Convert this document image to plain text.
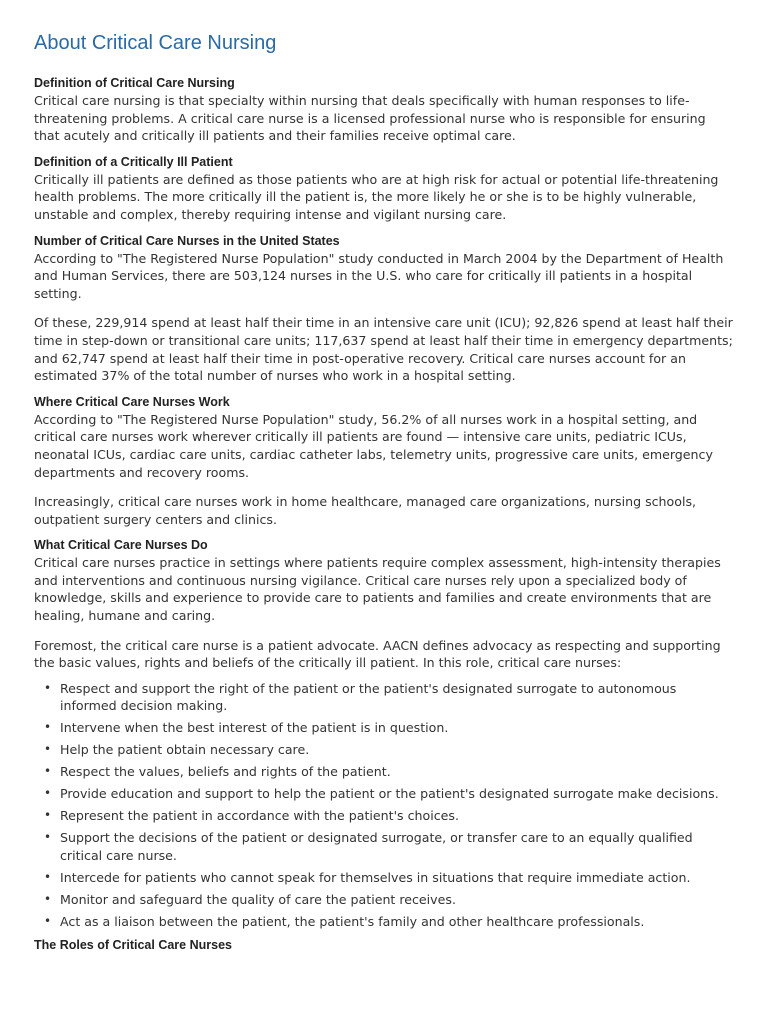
About Critical Care Nursing
Definition of Critical Care Nursing

Critical care nursing is that specialty within nursing that deals specifically with human responses to life-threatening problems. A critical care nurse is a licensed professional nurse who is responsible for ensuring that acutely and critically ill patients and their families receive optimal care.

Definition of a Critically Ill Patient

Critically ill patients are defined as those patients who are at high risk for actual or potential life-threatening health problems. The more critically ill the patient is, the more likely he or she is to be highly vulnerable, unstable and complex, thereby requiring intense and vigilant nursing care.

Number of Critical Care Nurses in the United States

According to "The Registered Nurse Population" study conducted in March 2004 by the Department of Health and Human Services, there are 503,124 nurses in the U.S. who care for critically ill patients in a hospital setting.

Of these, 229,914 spend at least half their time in an intensive care unit (ICU); 92,826 spend at least half their time in step-down or transitional care units; 117,637 spend at least half their time in emergency departments; and 62,747 spend at least half their time in post-operative recovery. Critical care nurses account for an estimated 37% of the total number of nurses who work in a hospital setting.

Where Critical Care Nurses Work

According to "The Registered Nurse Population" study, 56.2% of all nurses work in a hospital setting, and critical care nurses work wherever critically ill patients are found — intensive care units, pediatric ICUs, neonatal ICUs, cardiac care units, cardiac catheter labs, telemetry units, progressive care units, emergency departments and recovery rooms.

Increasingly, critical care nurses work in home healthcare, managed care organizations, nursing schools, outpatient surgery centers and clinics.

What Critical Care Nurses Do

Critical care nurses practice in settings where patients require complex assessment, high-intensity therapies and interventions and continuous nursing vigilance. Critical care nurses rely upon a specialized body of knowledge, skills and experience to provide care to patients and families and create environments that are healing, humane and caring.

Foremost, the critical care nurse is a patient advocate. AACN defines advocacy as respecting and supporting the basic values, rights and beliefs of the critically ill patient. In this role, critical care nurses:

• Respect and support the right of the patient or the patient's designated surrogate to autonomous informed decision making.
• Intervene when the best interest of the patient is in question.
• Help the patient obtain necessary care.
• Respect the values, beliefs and rights of the patient.
• Provide education and support to help the patient or the patient's designated surrogate make decisions.
• Represent the patient in accordance with the patient's choices.
• Support the decisions of the patient or designated surrogate, or transfer care to an equally qualified critical care nurse.
• Intercede for patients who cannot speak for themselves in situations that require immediate action.
• Monitor and safeguard the quality of care the patient receives.
• Act as a liaison between the patient, the patient's family and other healthcare professionals.
The Roles of Critical Care Nurses
